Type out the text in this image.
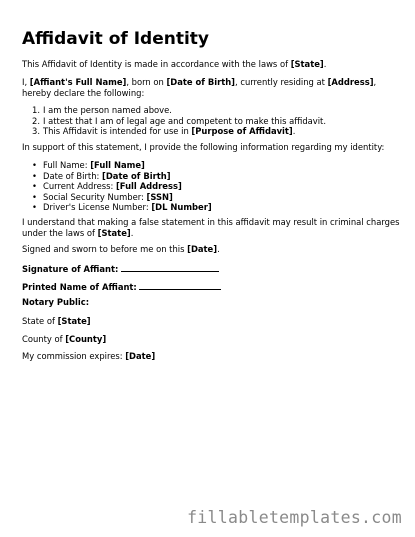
Affidavit of Identity
This Affidavit of Identity is made in accordance with the laws of [State].
I, [Affiant's Full Name], born on [Date of Birth], currently residing at [Address],
hereby declare the following:
1. I am the person named above.
2. I attest that I am of legal age and competent to make this affidavit.
3. This Affidavit is intended for use in [Purpose of Affidavit].
In support of this statement, I provide the following information regarding my identity:
• Full Name: [Full Name]
• Date of Birth: [Date of Birth]
• Current Address: [Full Address]
• Social Security Number: [SSN]
• Driver's License Number: [DL Number]
I understand that making a false statement in this affidavit may result in criminal charges
under the laws of [State].
Signed and sworn to before me on this [Date].
Signature of Affiant:
Printed Name of Affiant:
Notary Public:
State of [State]
County of [County]
My commission expires: [Date]
fillabletemplates.com
